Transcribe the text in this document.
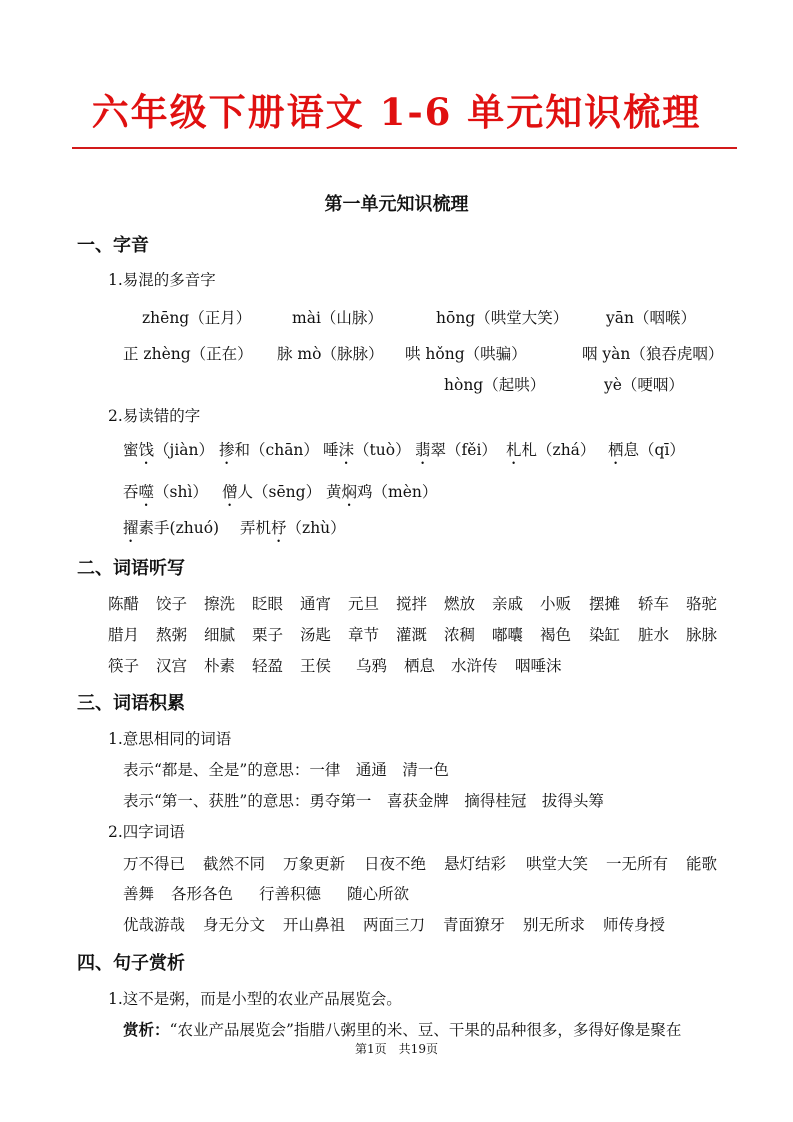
六年级下册语文 1-6 单元知识梳理
第一单元知识梳理
一、字音
1.易混的多音字
zhēng（正月）	mài（山脉）	hōng（哄堂大笑） yān（咽喉）
正 zhèng（正在） 脉 mò（脉脉） 哄 hǒng（哄骗）	咽 yàn（狼吞虎咽）
hòng（起哄）	yè（哽咽）
2.易读错的字
蜜饯（jiàn） 掺和（chān） 唾沫（tuò） 翡翠（fěi） 札札（zhá） 栖息（qī）
吞噬（shì） 僧人（sēng） 黄焖鸡（mèn）
擢素手(zhuó) 弄机杼（zhù）
二、词语听写
陈醋 饺子 擦洗 眨眼 通宵 元旦 搅拌 燃放 亲戚 小贩 摆摊 轿车 骆驼
腊月 熬粥 细腻 栗子 汤匙 章节 灌溉 浓稠 嘟囔 褐色 染缸 脏水 脉脉
筷子 汉宫 朴素 轻盈 王侯 乌鸦 栖息 水浒传 咽唾沫
三、词语积累
1.意思相同的词语
表示“都是、全是”的意思：一律　通通　清一色
表示“第一、获胜”的意思：勇夺第一　喜获金牌　摘得桂冠　拔得头筹
2.四字词语
万不得已 截然不同 万象更新 日夜不绝 悬灯结彩 哄堂大笑 一无所有 能歌
善舞 各形各色 行善积德 随心所欲
优哉游哉 身无分文 开山鼻祖 两面三刀 青面獠牙 别无所求 师传身授
四、句子赏析
1.这不是粥，而是小型的农业产品展览会。
赏析：“农业产品展览会”指腊八粥里的米、豆、干果的品种很多，多得好像是聚在
第1页　共19页
